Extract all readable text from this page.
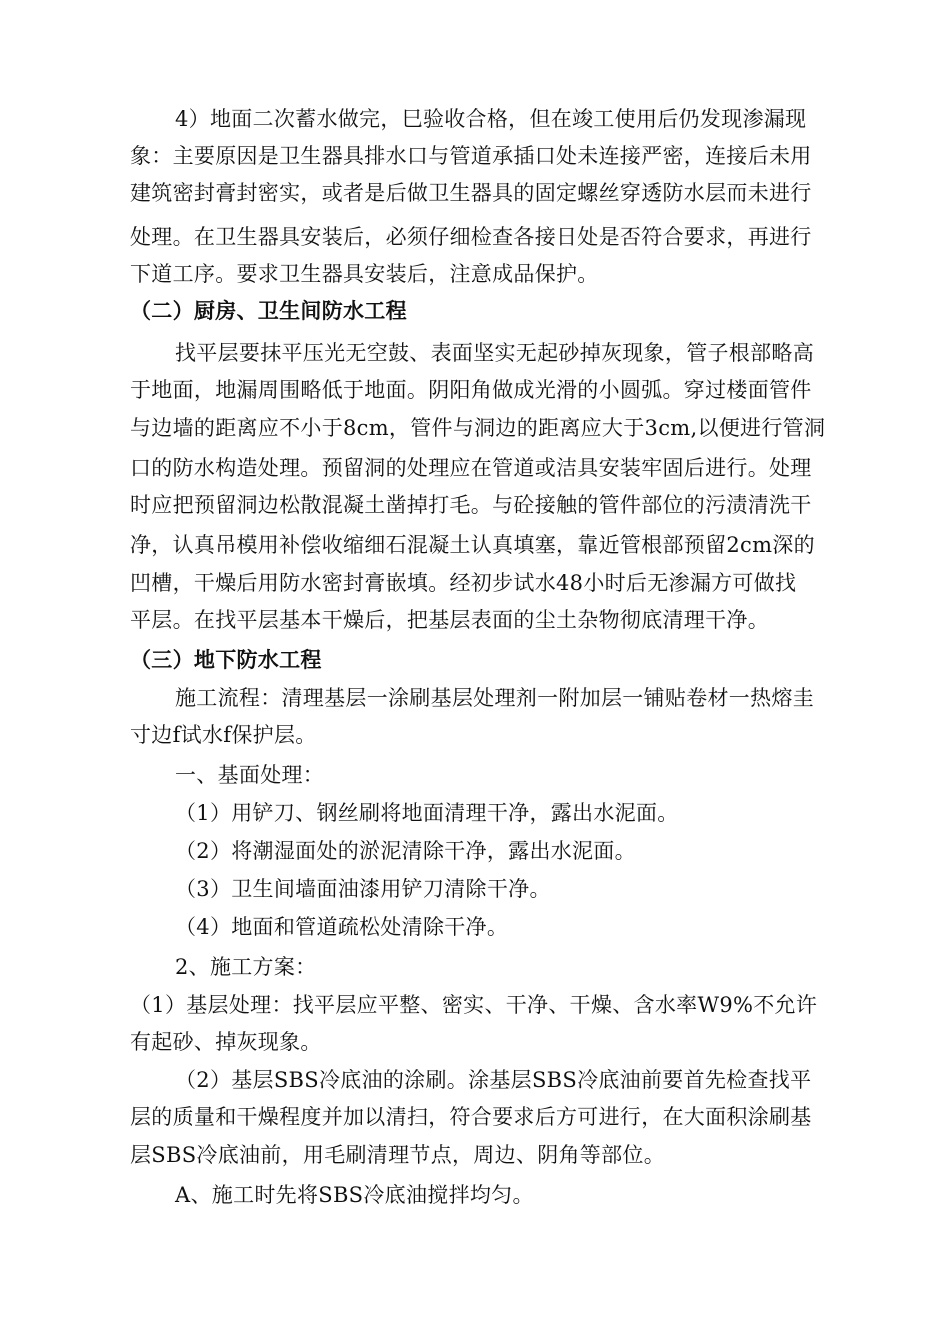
4）地面二次蓄水做完，巳验收合格，但在竣工使用后仍发现渗漏现
象：主要原因是卫生器具排水口与管道承插口处未连接严密，连接后未用
建筑密封膏封密实，或者是后做卫生器具的固定螺丝穿透防水层而未进行
处理。在卫生器具安装后，必须仔细检查各接日处是否符合要求，再进行
下道工序。要求卫生器具安装后，注意成品保护。
（二）厨房、卫生间防水工程
找平层要抹平压光无空鼓、表面坚实无起砂掉灰现象，管子根部略高
于地面，地漏周围略低于地面。阴阳角做成光滑的小圆弧。穿过楼面管件
与边墙的距离应不小于8cm，管件与洞边的距离应大于3cm,以便进行管洞
口的防水构造处理。预留洞的处理应在管道或洁具安装牢固后进行。处理
时应把预留洞边松散混凝土凿掉打毛。与砼接触的管件部位的污渍清洗干
净，认真吊模用补偿收缩细石混凝土认真填塞，靠近管根部预留2cm深的
凹槽，干燥后用防水密封膏嵌填。经初步试水48小时后无渗漏方可做找
平层。在找平层基本干燥后，把基层表面的尘土杂物彻底清理干净。
（三）地下防水工程
施工流程：清理基层一涂刷基层处理剂一附加层一铺贴卷材一热熔圭
寸边f试水f保护层。
一、基面处理：
（1）用铲刀、钢丝刷将地面清理干净，露出水泥面。
（2）将潮湿面处的淤泥清除干净，露出水泥面。
（3）卫生间墙面油漆用铲刀清除干净。
（4）地面和管道疏松处清除干净。
2、施工方案：
（1）基层处理：找平层应平整、密实、干净、干燥、含水率W9%不允许
有起砂、掉灰现象。
（2）基层SBS冷底油的涂刷。涂基层SBS冷底油前要首先检查找平
层的质量和干燥程度并加以清扫，符合要求后方可进行，在大面积涂刷基
层SBS冷底油前，用毛刷清理节点，周边、阴角等部位。
A、施工时先将SBS冷底油搅拌均匀。
